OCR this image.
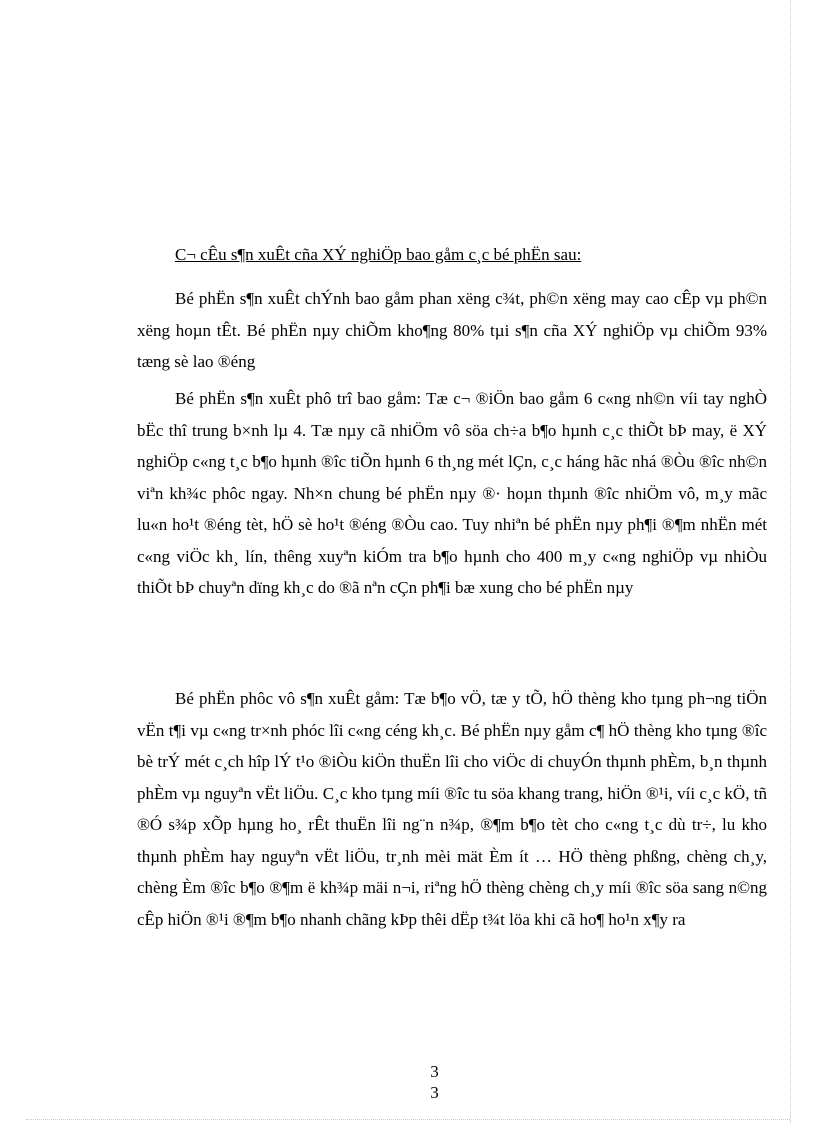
C¬ cÊu s¶n xuÊt cña XÝ nghiÖp bao gåm c¸c bé phËn sau:

Bé phËn s¶n xuÊt chÝnh bao gåm phan xëng c¾t, ph©n xëng may cao cÊp vµ ph©n xëng hoµn tÊt. Bé phËn nµy chiÕm kho¶ng 80% tµi s¶n cña XÝ nghiÖp vµ chiÕm 93% tæng sè lao ®éng

Bé phËn s¶n xuÊt phô trî bao gåm: Tæ c¬ ®iÖn bao gåm 6 c«ng nh©n víi tay nghÒ bËc thî trung b×nh lµ 4. Tæ nµy cã nhiÖm vô söa ch÷a b¶o hµnh c¸c thiÕt bÞ may, ë XÝ nghiÖp c«ng t¸c b¶o hµnh ®îc tiÕn hµnh 6 th¸ng mét lÇn, c¸c háng hãc nhá ®Òu ®îc nh©n viªn kh¾c phôc ngay. Nh×n chung bé phËn nµy ®· hoµn thµnh ®îc nhiÖm vô, m¸y mãc lu«n ho¹t ®éng tèt, hÖ sè ho¹t ®éng ®Òu cao. Tuy nhiªn bé phËn nµy ph¶i ®¶m nhËn mét c«ng viÖc kh¸ lín, thêng xuyªn kiÓm tra b¶o hµnh cho 400 m¸y c«ng nghiÖp vµ nhiÒu thiÕt bÞ chuyªn dïng kh¸c do ®ã nªn cÇn ph¶i bæ xung cho bé phËn nµy

Bé phËn phôc vô s¶n xuÊt gåm: Tæ b¶o vÖ, tæ y tÕ, hÖ thèng kho tµng ph¬ng tiÖn vËn t¶i vµ c«ng tr×nh phóc lîi c«ng céng kh¸c. Bé phËn nµy gåm c¶ hÖ thèng kho tµng ®îc bè trÝ mét c¸ch hîp lÝ t¹o ®iÒu kiÖn thuËn lîi cho viÖc di chuyÓn thµnh phÈm, b¸n thµnh phÈm vµ nguyªn vËt liÖu. C¸c kho tµng míi ®îc tu söa khang trang, hiÖn ®¹i, víi c¸c kÖ, tñ ®Ó s¾p xÕp hµng ho¸ rÊt thuËn lîi ng¨n n¾p, ®¶m b¶o tèt cho c«ng t¸c dù tr÷, lu kho thµnh phÈm hay nguyªn vËt liÖu, tr¸nh mèi mät Èm ít … HÖ thèng phßng, chèng ch¸y, chèng Èm ®îc b¶o ®¶m ë kh¾p mäi n¬i, riªng hÖ thèng chèng ch¸y míi ®îc söa sang n©ng cÊp hiÖn ®¹i ®¶m b¶o nhanh chãng kÞp thêi dËp t¾t löa khi cã ho¶ ho¹n x¶y ra

3
3
